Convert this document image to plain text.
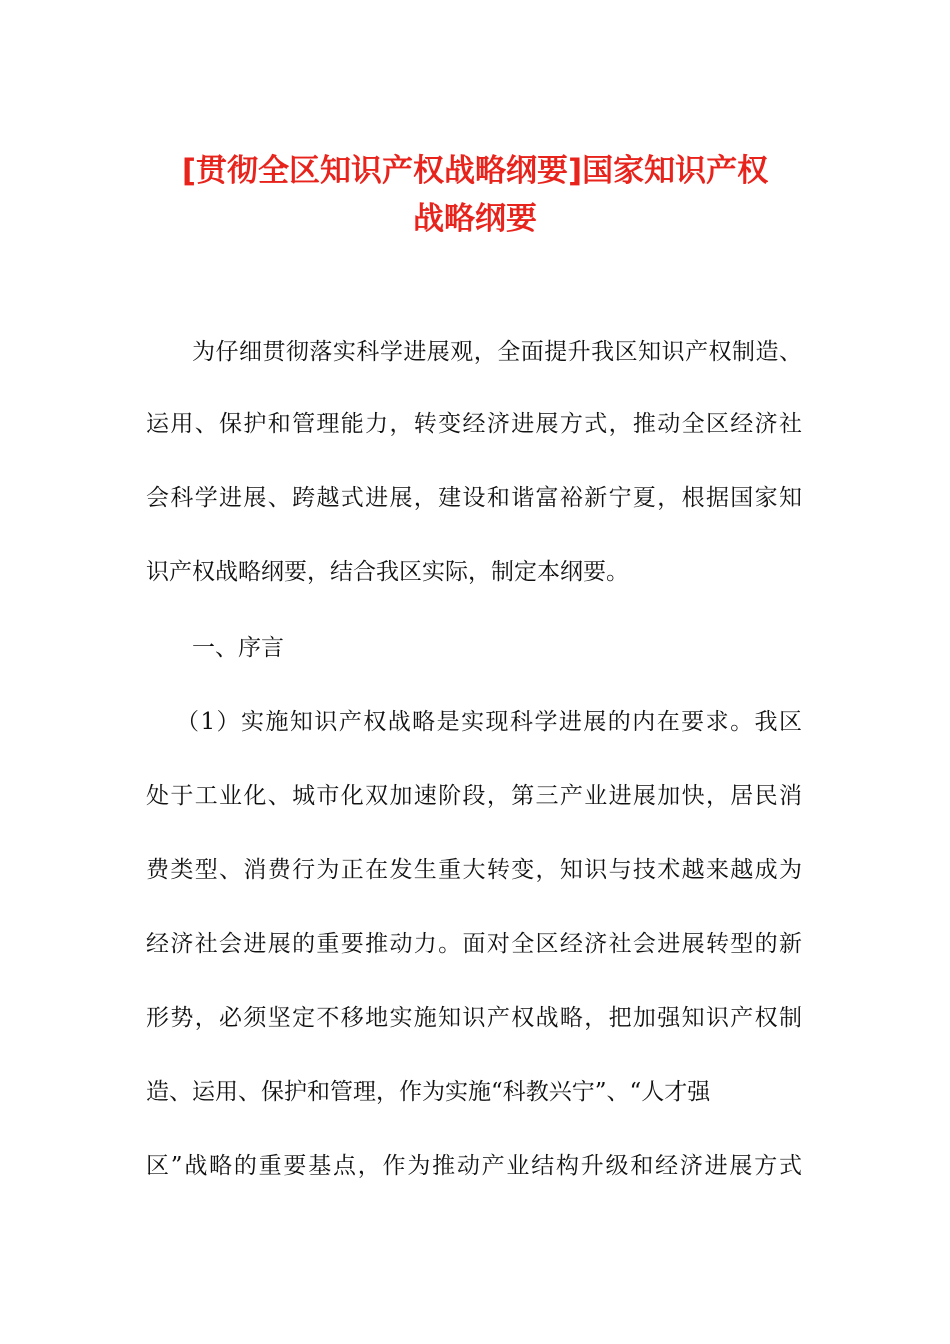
[贯彻全区知识产权战略纲要]国家知识产权
战略纲要
为仔细贯彻落实科学进展观，全面提升我区知识产权制造、
运用、保护和管理能力，转变经济进展方式，推动全区经济社
会科学进展、跨越式进展，建设和谐富裕新宁夏，根据国家知
识产权战略纲要，结合我区实际，制定本纲要。
一、序言
（1）实施知识产权战略是实现科学进展的内在要求。我区
处于工业化、城市化双加速阶段，第三产业进展加快，居民消
费类型、消费行为正在发生重大转变，知识与技术越来越成为
经济社会进展的重要推动力。面对全区经济社会进展转型的新
形势，必须坚定不移地实施知识产权战略，把加强知识产权制
造、运用、保护和管理，作为实施“科教兴宁”、“人才强
区”战略的重要基点，作为推动产业结构升级和经济进展方式
